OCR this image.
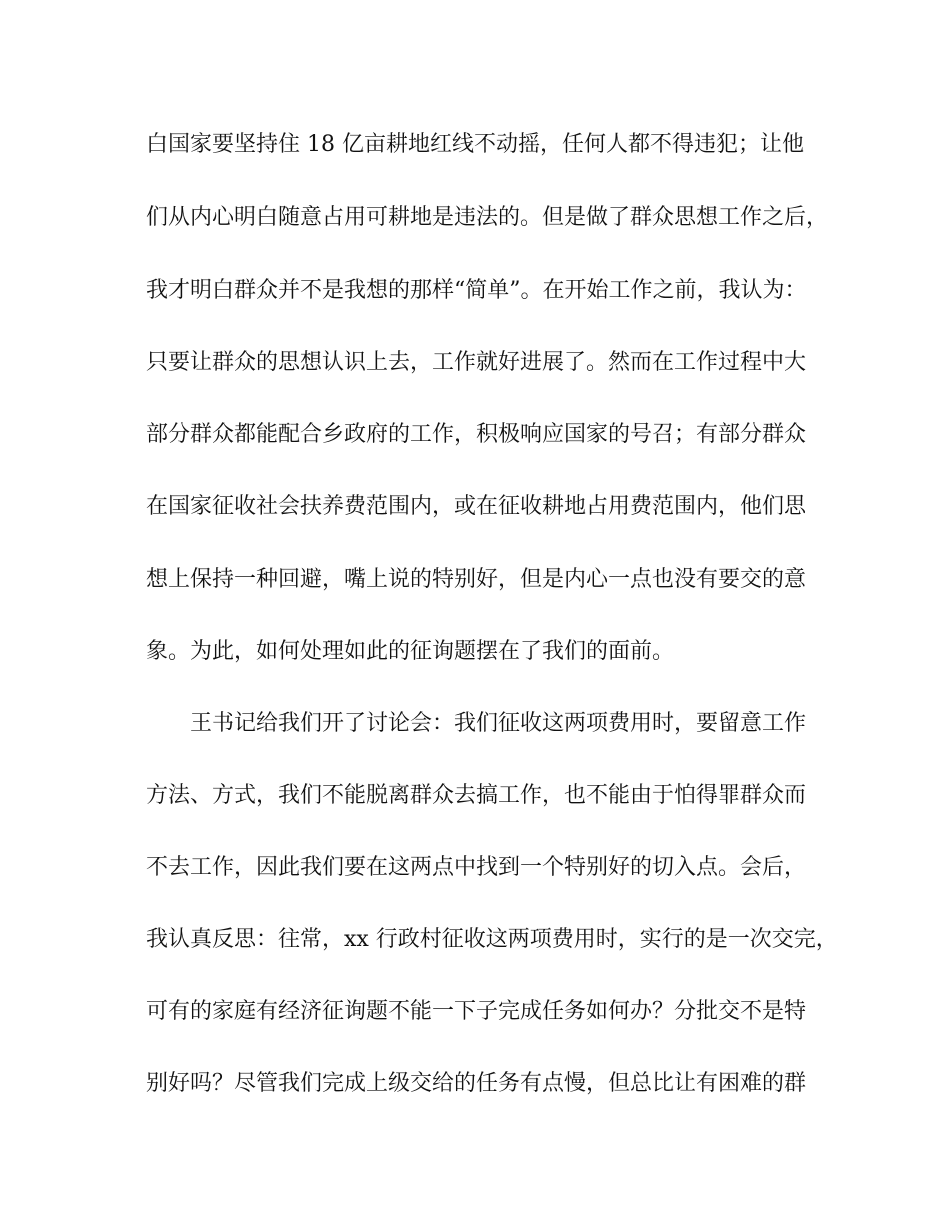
白国家要坚持住 18 亿亩耕地红线不动摇，任何人都不得违犯；让他

们从内心明白随意占用可耕地是违法的。但是做了群众思想工作之后，

我才明白群众并不是我想的那样“简单”。在开始工作之前，我认为：

只要让群众的思想认识上去，工作就好进展了。然而在工作过程中大

部分群众都能配合乡政府的工作，积极响应国家的号召；有部分群众

在国家征收社会扶养费范围内，或在征收耕地占用费范围内，他们思

想上保持一种回避，嘴上说的特别好，但是内心一点也没有要交的意

象。为此，如何处理如此的征询题摆在了我们的面前。

王书记给我们开了讨论会：我们征收这两项费用时，要留意工作

方法、方式，我们不能脱离群众去搞工作，也不能由于怕得罪群众而

不去工作，因此我们要在这两点中找到一个特别好的切入点。会后，

我认真反思：往常，xx 行政村征收这两项费用时，实行的是一次交完，

可有的家庭有经济征询题不能一下子完成任务如何办？分批交不是特

别好吗？尽管我们完成上级交给的任务有点慢，但总比让有困难的群
